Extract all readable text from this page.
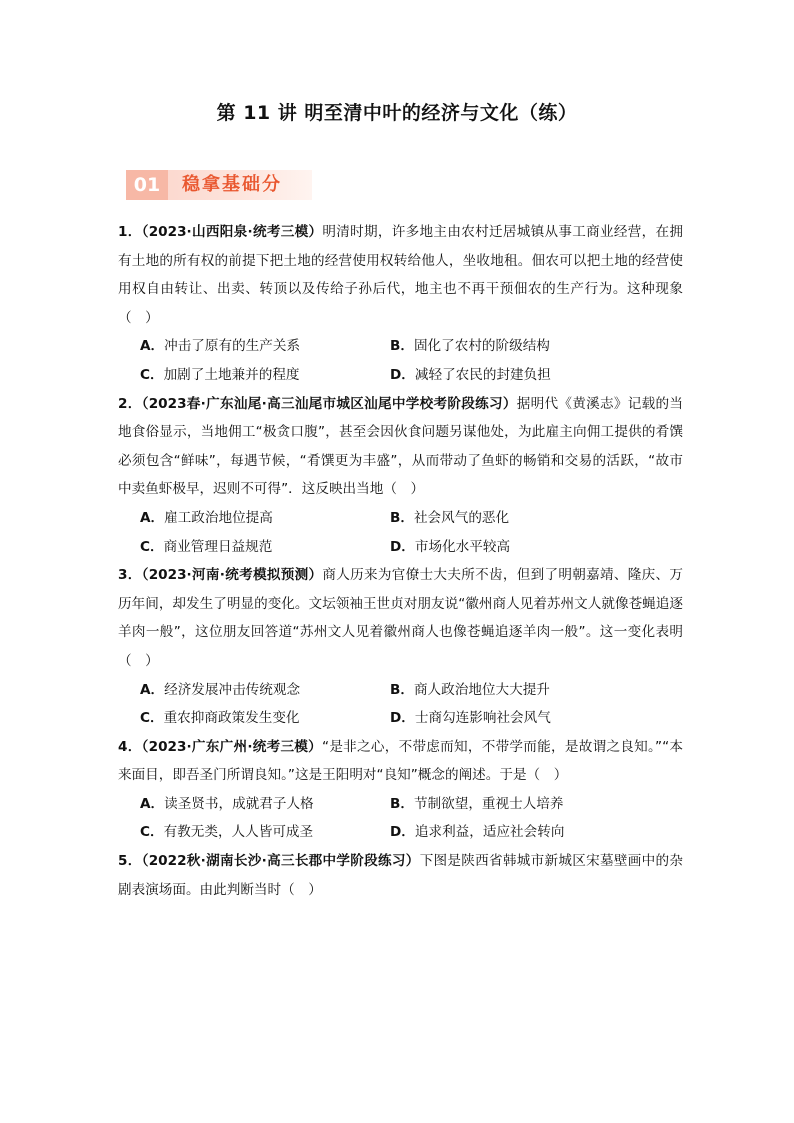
第 11 讲 明至清中叶的经济与文化（练）
01	稳拿基础分
1．（2023·山西阳泉·统考三模）明清时期，许多地主由农村迁居城镇从事工商业经营，在拥有土地的所有权的前提下把土地的经营使用权转给他人，坐收地租。佃农可以把土地的经营使用权自由转让、出卖、转顶以及传给子孙后代，地主也不再干预佃农的生产行为。这种现象（　）
A．冲击了原有的生产关系	B．固化了农村的阶级结构
C．加剧了土地兼并的程度	D．减轻了农民的封建负担
2．（2023春·广东汕尾·高三汕尾市城区汕尾中学校考阶段练习）据明代《黄溪志》记载的当地食俗显示，当地佣工“极贪口腹”，甚至会因伙食问题另谋他处，为此雇主向佣工提供的肴馔必须包含“鲜味”，每遇节候，“肴馔更为丰盛”，从而带动了鱼虾的畅销和交易的活跃，“故市中卖鱼虾极早，迟则不可得”．这反映出当地（　）
A．雇工政治地位提高	B．社会风气的恶化
C．商业管理日益规范	D．市场化水平较高
3．（2023·河南·统考模拟预测）商人历来为官僚士大夫所不齿，但到了明朝嘉靖、隆庆、万历年间，却发生了明显的变化。文坛领袖王世贞对朋友说“徽州商人见着苏州文人就像苍蝇追逐羊肉一般”，这位朋友回答道“苏州文人见着徽州商人也像苍蝇追逐羊肉一般”。这一变化表明（　）
A．经济发展冲击传统观念	B．商人政治地位大大提升
C．重农抑商政策发生变化	D．士商勾连影响社会风气
4．（2023·广东广州·统考三模）“是非之心，不带虑而知，不带学而能，是故谓之良知。”“本来面目，即吾圣门所谓良知。”这是王阳明对“良知”概念的阐述。于是（　）
A．读圣贤书，成就君子人格	B．节制欲望，重视士人培养
C．有教无类，人人皆可成圣	D．追求利益，适应社会转向
5．（2022秋·湖南长沙·高三长郡中学阶段练习）下图是陕西省韩城市新城区宋墓壁画中的杂剧表演场面。由此判断当时（　）
